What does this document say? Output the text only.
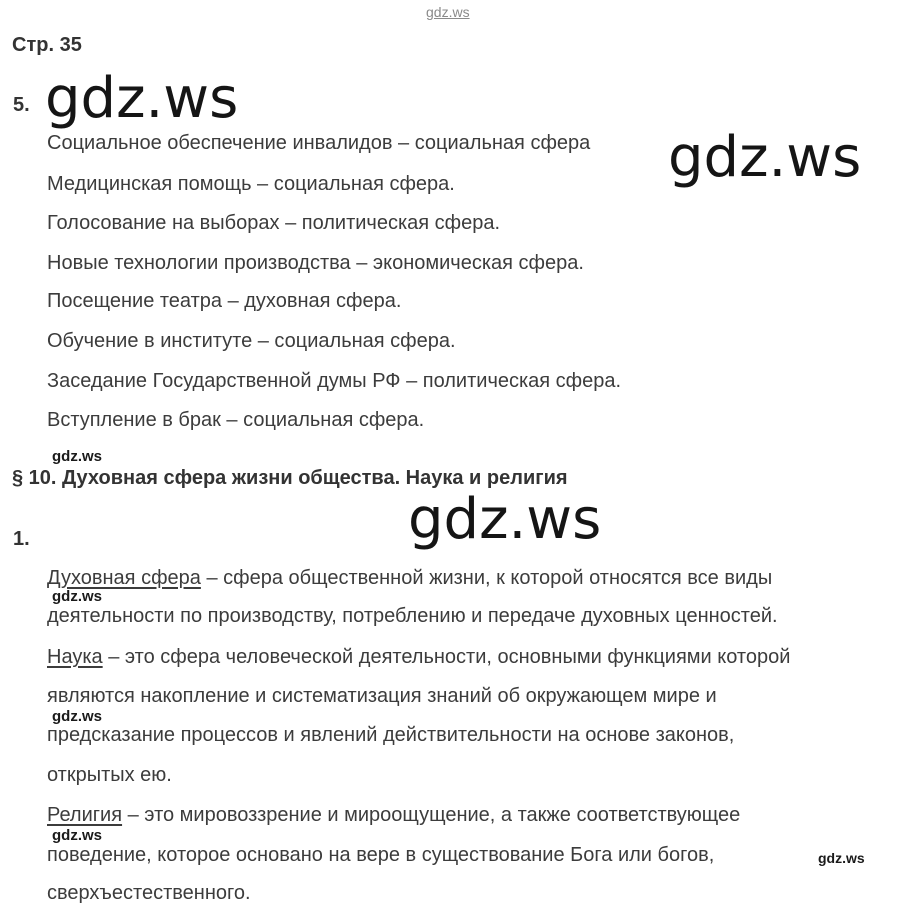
gdz.ws
Стр. 35
5. gdz.ws
gdz.ws
Социальное обеспечение инвалидов – социальная сфера
Медицинская помощь – социальная сфера.
Голосование на выборах – политическая сфера.
Новые технологии производства – экономическая сфера.
Посещение театра – духовная сфера.
Обучение в институте – социальная сфера.
Заседание Государственной думы РФ – политическая сфера.
Вступление в брак – социальная сфера.
gdz.ws
§ 10. Духовная сфера жизни общества. Наука и религия
gdz.ws
1.
Духовная сфера – сфера общественной жизни, к которой относятся все виды
gdz.ws
деятельности по производству, потреблению и передаче духовных ценностей.
Наука – это сфера человеческой деятельности, основными функциями которой
являются накопление и систематизация знаний об окружающем мире и
gdz.ws
предсказание процессов и явлений действительности на основе законов,
открытых ею.
Религия – это мировоззрение и мироощущение, а также соответствующее
gdz.ws
поведение, которое основано на вере в существование Бога или богов,	gdz.ws
сверхъестественного.
